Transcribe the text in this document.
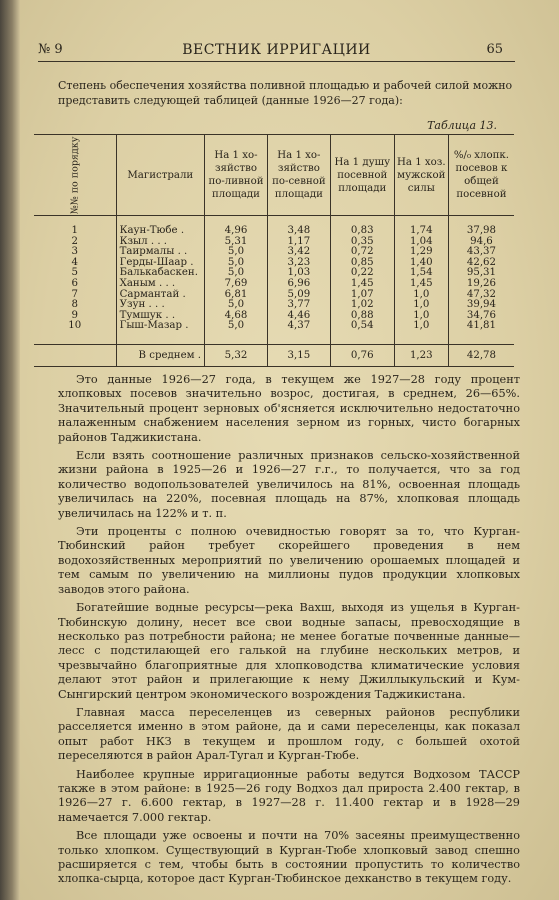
№ 9	ВЕСТНИК ИРРИГАЦИИ	65
Степень обеспечения хозяйства поливной площадью и рабочей силой можно представить следующей таблицей (данные 1926—27 года):
Таблица 13.
№№ по порядку	Магистрали	На 1 хо-зяйство по-ливной площади	На 1 хо-зяйство по-севной площади	На 1 душу посевной площади	На 1 хоз. мужской силы	%/₀ хлопк. посевов к общей посевной
1	Каун-Тюбе .	4,96	3,48	0,83	1,74	37,98
2	Кзыл . . .	5,31	1,17	0,35	1,04	94,6
3	Таирмалы . .	5,0	3,42	0,72	1,29	43,37
4	Герды-Шаар .	5,0	3,23	0,85	1,40	42,62
5	Балькабаскен.	5,0	1,03	0,22	1,54	95,31
6	Ханым . . .	7,69	6,96	1,45	1,45	19,26
7	Сармантай .	6,81	5,09	1,07	1,0	47,32
8	Узун . . .	5,0	3,77	1,02	1,0	39,94
9	Тумшук . .	4,68	4,46	0,88	1,0	34,76
10	Гыш-Мазар .	5,0	4,37	0,54	1,0	41,81
	В среднем .	5,32	3,15	0,76	1,23	42,78

Это данные 1926—27 года, в текущем же 1927—28 году процент хлопковых посевов значительно возрос, достигая, в среднем, 26—65%. Значительный процент зерновых об'ясняется исключительно недостаточно налаженным снабжением населения зерном из горных, чисто богарных районов Таджикистана.

Если взять соотношение различных признаков сельско-хозяйственной жизни района в 1925—26 и 1926—27 г.г., то получается, что за год количество водопользователей увеличилось на 81%, освоенная площадь увеличилась на 220%, посевная площадь на 87%, хлопковая площадь увеличилась на 122% и т. п.

Эти проценты с полною очевидностью говорят за то, что Курган-Тюбинский район требует скорейшего проведения в нем водохозяйственных мероприятий по увеличению орошаемых площадей и тем самым по увеличению на миллионы пудов продукции хлопковых заводов этого района.

Богатейшие водные ресурсы—река Вахш, выходя из ущелья в Курган-Тюбинскую долину, несет все свои водные запасы, превосходящие в несколько раз потребности района; не менее богатые почвенные данные—лесс с подстилающей его галькой на глубине нескольких метров, и чрезвычайно благоприятные для хлопководства климатические условия делают этот район и прилегающие к нему Джиллыкульский и Кум-Сынгирский центром экономического возрождения Таджикистана.

Главная масса переселенцев из северных районов республики расселяется именно в этом районе, да и сами переселенцы, как показал опыт работ НКЗ в текущем и прошлом году, с большей охотой переселяются в район Арал-Тугал и Курган-Тюбе.

Наиболее крупные ирригационные работы ведутся Водхозом ТАССР также в этом районе: в 1925—26 году Водхоз дал прироста 2.400 гектар, в 1926—27 г. 6.600 гектар, в 1927—28 г. 11.400 гектар и в 1928—29 намечается 7.000 гектар.

Все площади уже освоены и почти на 70% засеяны преимущественно только хлопком. Существующий в Курган-Тюбе хлопковый завод спешно расширяется с тем, чтобы быть в состоянии пропустить то количество хлопка-сырца, которое даст Курган-Тюбинское дехканство в текущем году.
